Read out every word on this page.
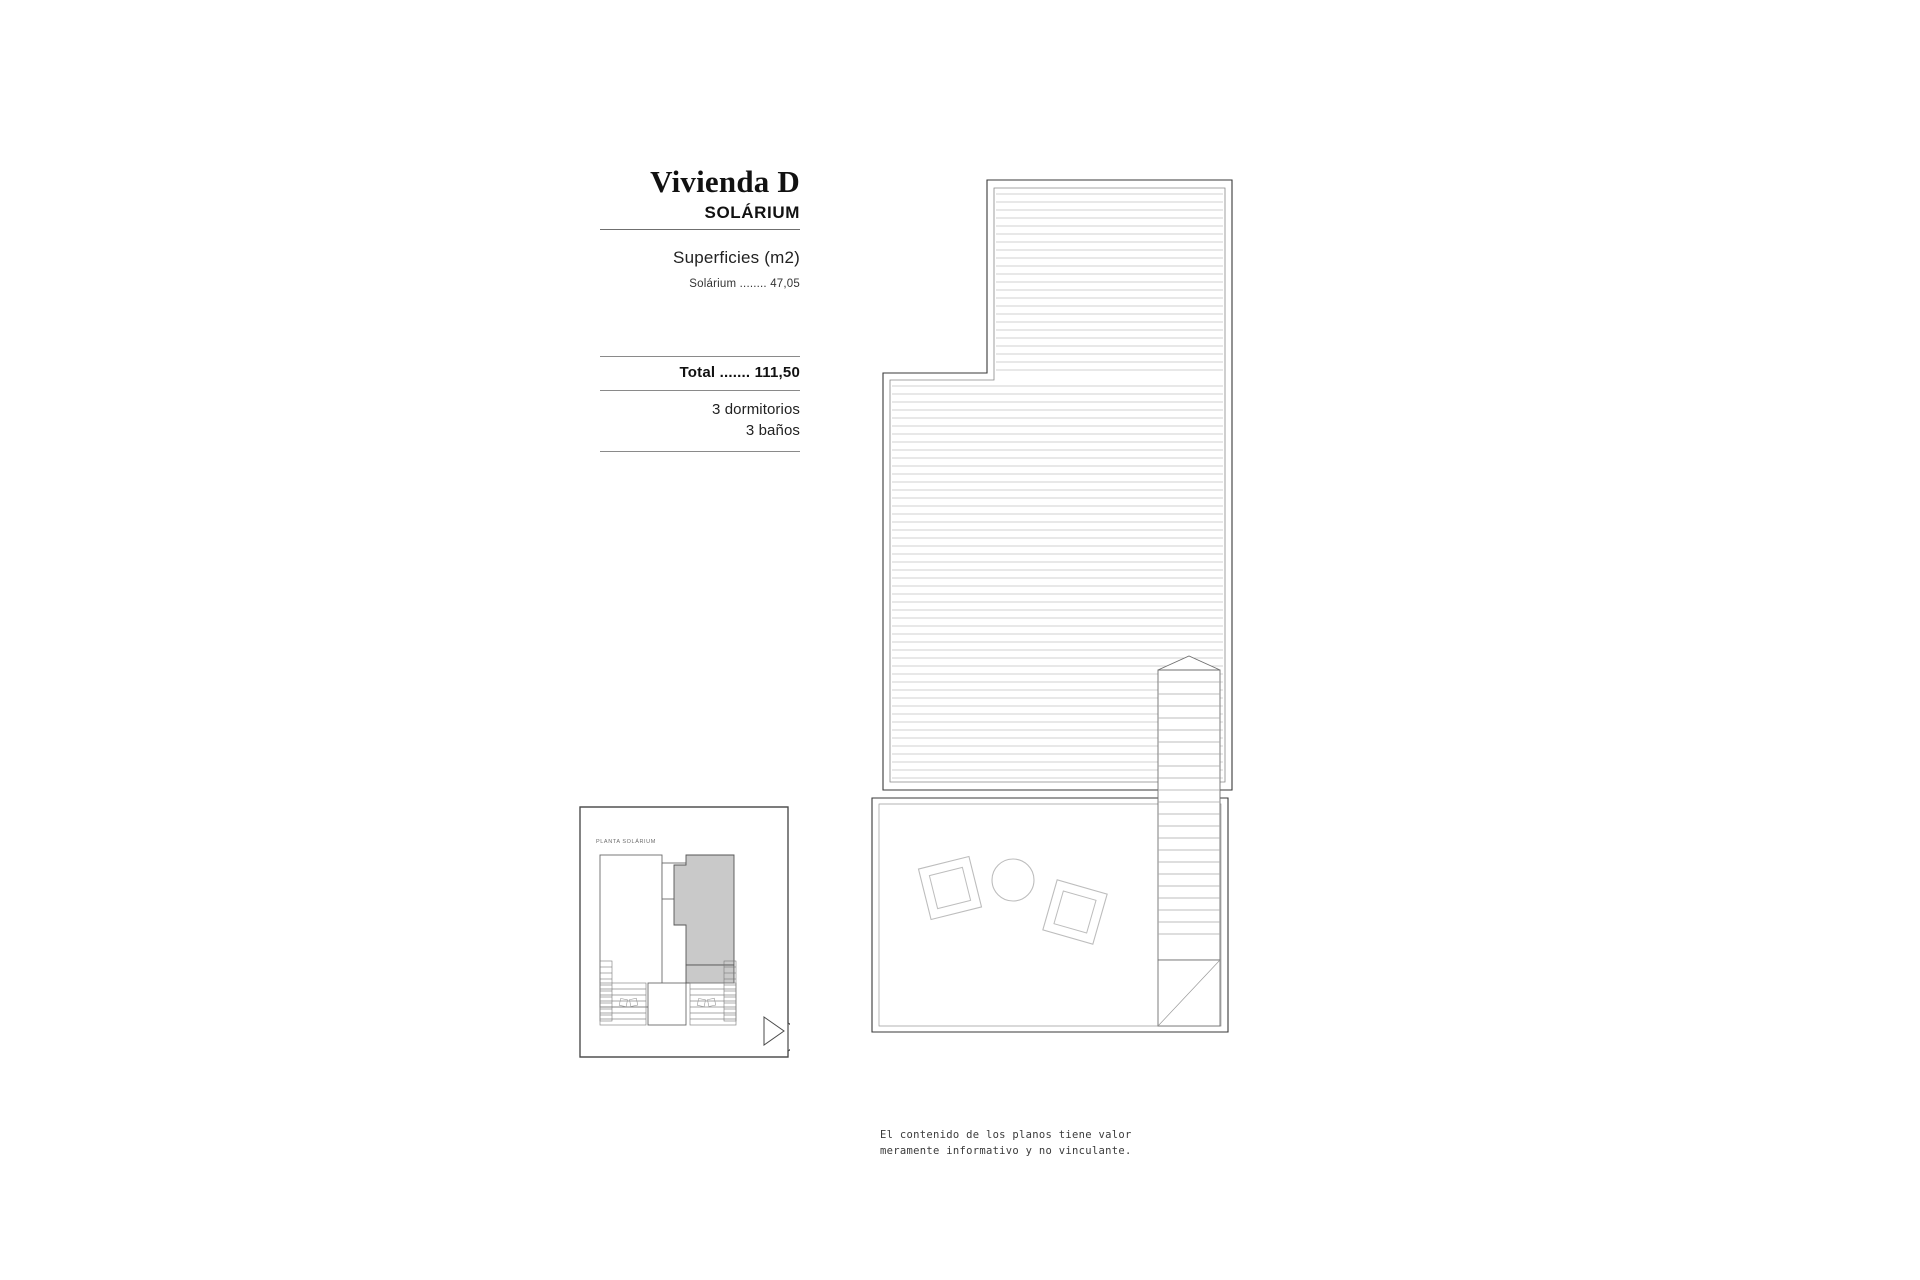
Vivienda D
SOLÁRIUM
Superficies (m2)
Solárium ........ 47,05
Total ....... 111,50
3 dormitorios
3 baños
PLANTA SOLÁRIUM
El contenido de los planos tiene valor
meramente informativo y no vinculante.
